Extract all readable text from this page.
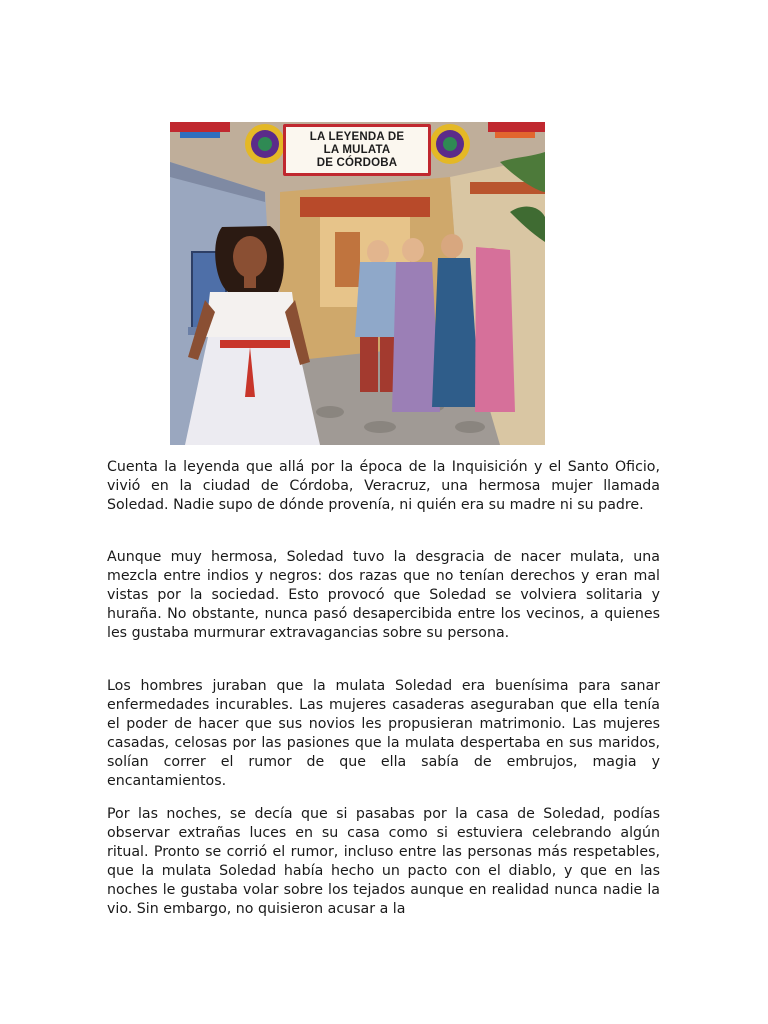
LA LEYENDA DE
LA MULATA
DE CÓRDOBA

Cuenta la leyenda que allá por la época de la Inquisición y el Santo Oficio, vivió en la ciudad de Córdoba, Veracruz, una hermosa mujer llamada Soledad. Nadie supo de dónde provenía, ni quién era su madre ni su padre.

Aunque muy hermosa, Soledad tuvo la desgracia de nacer mulata, una mezcla entre indios y negros: dos razas que no tenían derechos y eran mal vistas por la sociedad. Esto provocó que Soledad se volviera solitaria y huraña. No obstante, nunca pasó desapercibida entre los vecinos, a quienes les gustaba murmurar extravagancias sobre su persona.

Los hombres juraban que la mulata Soledad era buenísima para sanar enfermedades incurables. Las mujeres casaderas aseguraban que ella tenía el poder de hacer que sus novios les propusieran matrimonio. Las mujeres casadas, celosas por las pasiones que la mulata despertaba en sus maridos, solían correr el rumor de que ella sabía de embrujos, magia y encantamientos.

Por las noches, se decía que si pasabas por la casa de Soledad, podías observar extrañas luces en su casa como si estuviera celebrando algún ritual. Pronto se corrió el rumor, incluso entre las personas más respetables, que la mulata Soledad había hecho un pacto con el diablo, y que en las noches le gustaba volar sobre los tejados aunque en realidad nunca nadie la vio. Sin embargo, no quisieron acusar a la
